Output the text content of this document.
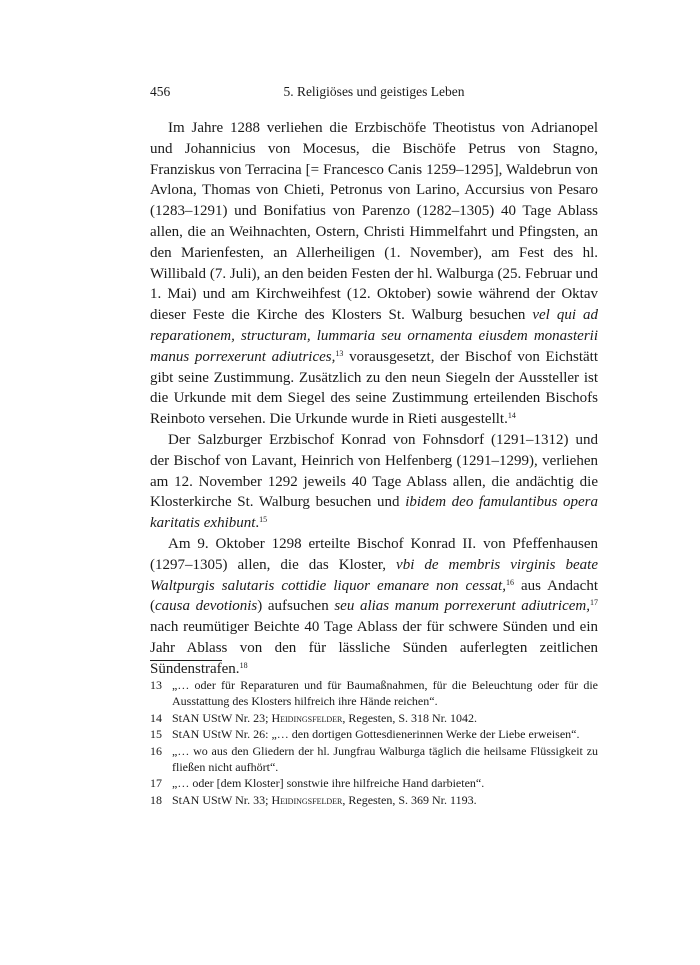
456	5. Religiöses und geistiges Leben

Im Jahre 1288 verliehen die Erzbischöfe Theotistus von Adrianopel und Johannicius von Mocesus, die Bischöfe Petrus von Stagno, Franziskus von Terracina [= Francesco Canis 1259–1295], Waldebrun von Avlona, Thomas von Chieti, Petronus von Larino, Accursius von Pesaro (1283–1291) und Bonifatius von Parenzo (1282–1305) 40 Tage Ablass allen, die an Weihnachten, Ostern, Christi Himmelfahrt und Pfingsten, an den Marienfesten, an Allerheiligen (1. November), am Fest des hl. Willibald (7. Juli), an den beiden Festen der hl. Walburga (25. Februar und 1. Mai) und am Kirchweihfest (12. Oktober) sowie während der Oktav dieser Feste die Kirche des Klosters St. Walburg besuchen vel qui ad reparationem, structuram, lummaria seu ornamenta eiusdem monasterii manus porrexerunt adiutrices,$^{13}$ vorausgesetzt, der Bischof von Eichstätt gibt seine Zustimmung. Zusätzlich zu den neun Siegeln der Aussteller ist die Urkunde mit dem Siegel des seine Zustimmung erteilenden Bischofs Reinboto versehen. Die Urkunde wurde in Rieti ausgestellt.$^{14}$

Der Salzburger Erzbischof Konrad von Fohnsdorf (1291–1312) und der Bischof von Lavant, Heinrich von Helfenberg (1291–1299), verliehen am 12. November 1292 jeweils 40 Tage Ablass allen, die andächtig die Klosterkirche St. Walburg besuchen und ibidem deo famulantibus opera karitatis exhibunt.$^{15}$

Am 9. Oktober 1298 erteilte Bischof Konrad II. von Pfeffenhausen (1297–1305) allen, die das Kloster, vbi de membris virginis beate Waltpurgis salutaris cottidie liquor emanare non cessat,$^{16}$ aus Andacht (causa devotionis) aufsuchen seu alias manum porrexerunt adiutricem,$^{17}$ nach reumütiger Beichte 40 Tage Ablass der für schwere Sünden und ein Jahr Ablass von den für lässliche Sünden auferlegten zeitlichen Sündenstrafen.$^{18}$

13 „… oder für Reparaturen und für Baumaßnahmen, für die Beleuchtung oder für die Ausstattung des Klosters hilfreich ihre Hände reichen“.
14 StAN UStW Nr. 23; Heidingsfelder, Regesten, S. 318 Nr. 1042.
15 StAN UStW Nr. 26: „… den dortigen Gottesdienerinnen Werke der Liebe erweisen“.
16 „… wo aus den Gliedern der hl. Jungfrau Walburga täglich die heilsame Flüssigkeit zu fließen nicht aufhört“.
17 „… oder [dem Kloster] sonstwie ihre hilfreiche Hand darbieten“.
18 StAN UStW Nr. 33; Heidingsfelder, Regesten, S. 369 Nr. 1193.
